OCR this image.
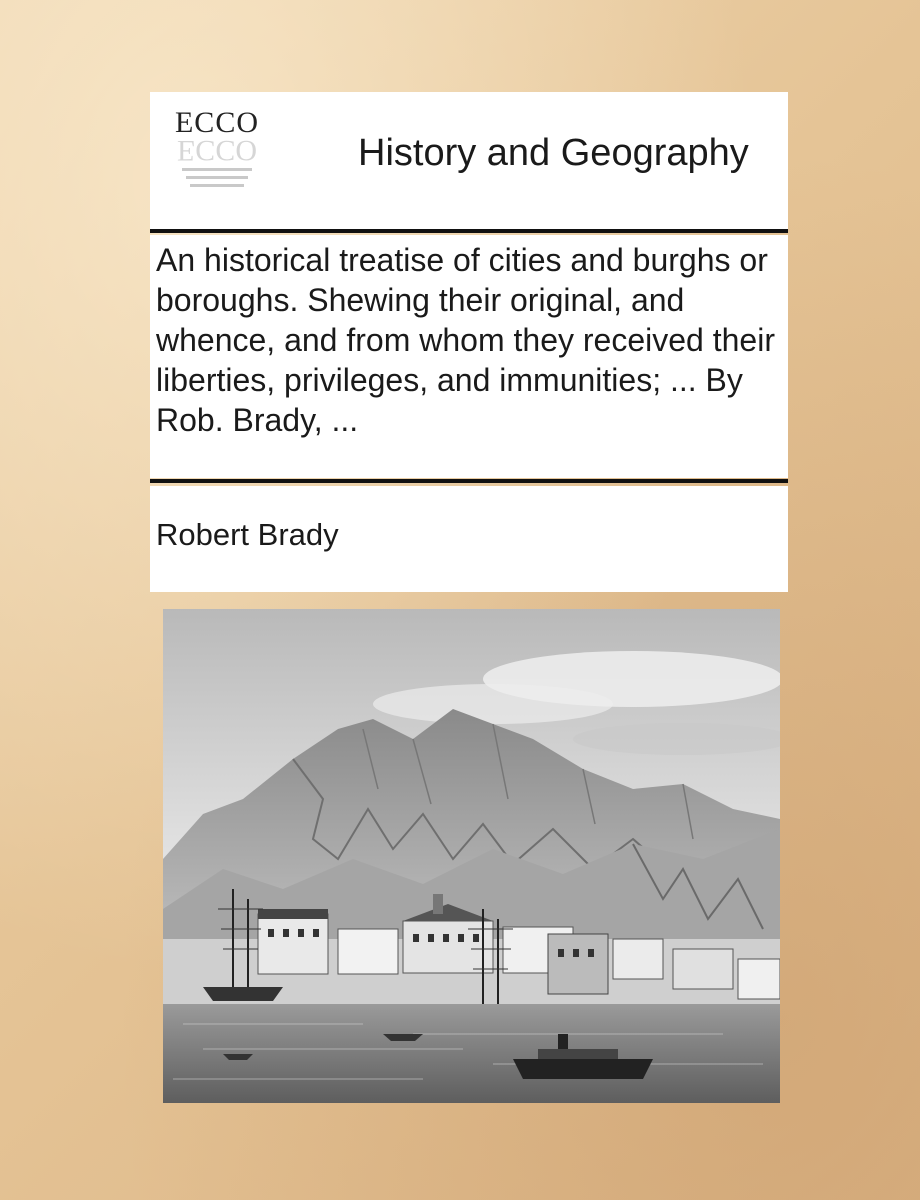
ECCO
ECCO	History and Geography
An historical treatise of cities and burghs or boroughs. Shewing their original, and whence, and from whom they received their liberties, privileges, and immunities; ... By Rob. Brady, ...
Robert Brady
